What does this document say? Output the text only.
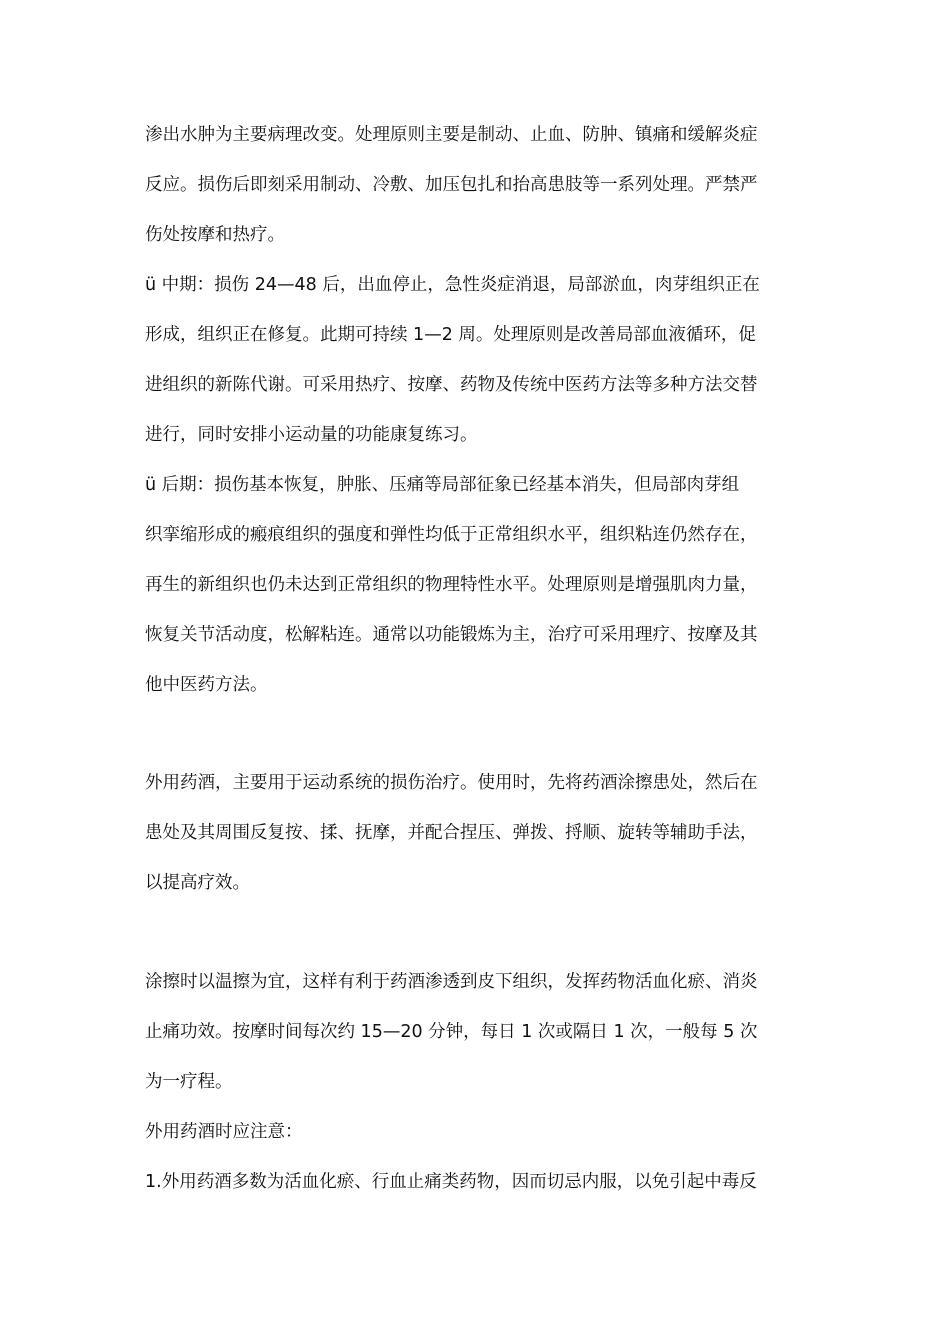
渗出水肿为主要病理改变。处理原则主要是制动、止血、防肿、镇痛和缓解炎症
反应。损伤后即刻采用制动、冷敷、加压包扎和抬高患肢等一系列处理。严禁严
伤处按摩和热疗。
ü 中期：损伤 24—48 后，出血停止，急性炎症消退，局部淤血，肉芽组织正在
形成，组织正在修复。此期可持续 1—2 周。处理原则是改善局部血液循环，促
进组织的新陈代谢。可采用热疗、按摩、药物及传统中医药方法等多种方法交替
进行，同时安排小运动量的功能康复练习。
ü 后期：损伤基本恢复，肿胀、压痛等局部征象已经基本消失，但局部肉芽组
织挛缩形成的瘢痕组织的强度和弹性均低于正常组织水平，组织粘连仍然存在，
再生的新组织也仍未达到正常组织的物理特性水平。处理原则是增强肌肉力量，
恢复关节活动度，松解粘连。通常以功能锻炼为主，治疗可采用理疗、按摩及其
他中医药方法。
外用药酒，主要用于运动系统的损伤治疗。使用时，先将药酒涂擦患处，然后在
患处及其周围反复按、揉、抚摩，并配合捏压、弹拨、捋顺、旋转等辅助手法，
以提高疗效。
涂擦时以温擦为宜，这样有利于药酒渗透到皮下组织，发挥药物活血化瘀、消炎
止痛功效。按摩时间每次约 15—20 分钟，每日 1 次或隔日 1 次，一般每 5 次
为一疗程。
外用药酒时应注意：
1.外用药酒多数为活血化瘀、行血止痛类药物，因而切忌内服，以免引起中毒反
